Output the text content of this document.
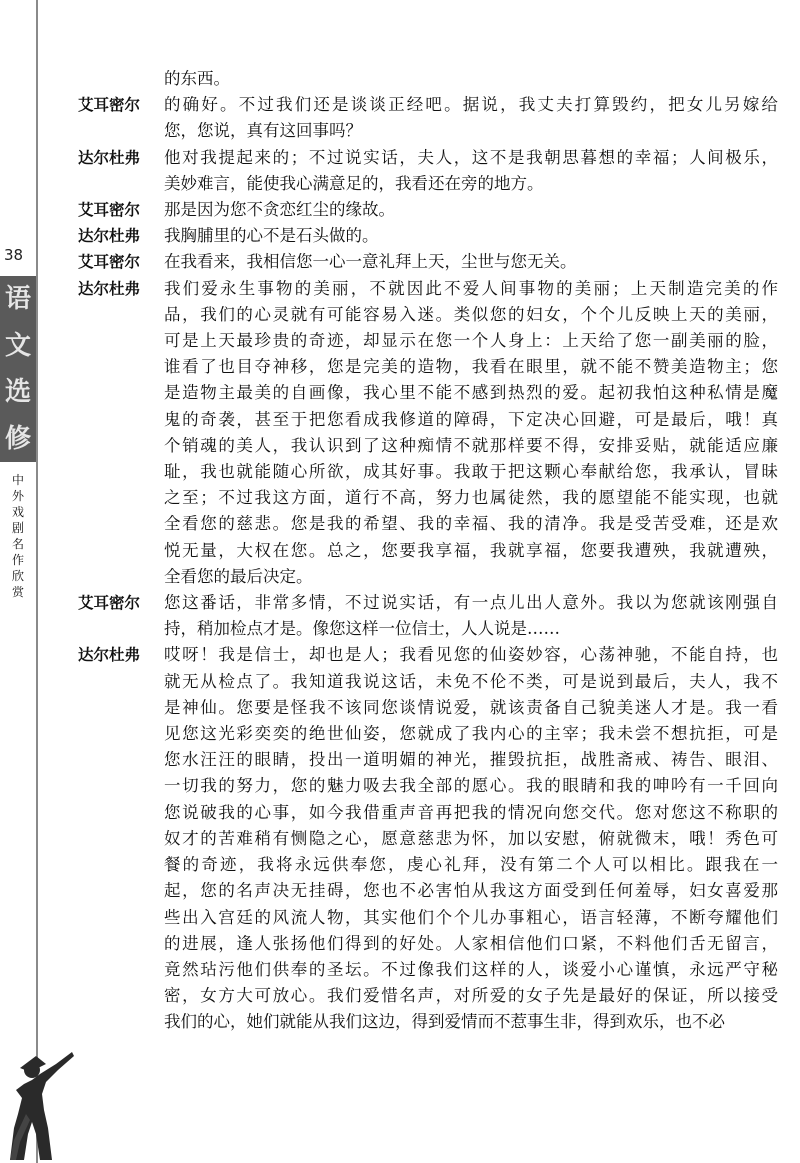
38
语
文
选
修
中
外
戏
剧
名
作
欣
赏
的东西。
艾耳密尔	的确好。不过我们还是谈谈正经吧。据说，我丈夫打算毁约，把女儿另嫁给
您，您说，真有这回事吗？
达尔杜弗	他对我提起来的；不过说实话，夫人，这不是我朝思暮想的幸福；人间极乐，
美妙难言，能使我心满意足的，我看还在旁的地方。
艾耳密尔	那是因为您不贪恋红尘的缘故。
达尔杜弗	我胸脯里的心不是石头做的。
艾耳密尔	在我看来，我相信您一心一意礼拜上天，尘世与您无关。
达尔杜弗	我们爱永生事物的美丽，不就因此不爱人间事物的美丽；上天制造完美的作
品，我们的心灵就有可能容易入迷。类似您的妇女，个个儿反映上天的美丽，
可是上天最珍贵的奇迹，却显示在您一个人身上：上天给了您一副美丽的脸，
谁看了也目夺神移，您是完美的造物，我看在眼里，就不能不赞美造物主；您
是造物主最美的自画像，我心里不能不感到热烈的爱。起初我怕这种私情是魔
鬼的奇袭，甚至于把您看成我修道的障碍，下定决心回避，可是最后，哦！真
个销魂的美人，我认识到了这种痴情不就那样要不得，安排妥贴，就能适应廉
耻，我也就能随心所欲，成其好事。我敢于把这颗心奉献给您，我承认，冒昧
之至；不过我这方面，道行不高，努力也属徒然，我的愿望能不能实现，也就
全看您的慈悲。您是我的希望、我的幸福、我的清净。我是受苦受难，还是欢
悦无量，大权在您。总之，您要我享福，我就享福，您要我遭殃，我就遭殃，
全看您的最后决定。
艾耳密尔	您这番话，非常多情，不过说实话，有一点儿出人意外。我以为您就该刚强自
持，稍加检点才是。像您这样一位信士，人人说是……
达尔杜弗	哎呀！我是信士，却也是人；我看见您的仙姿妙容，心荡神驰，不能自持，也
就无从检点了。我知道我说这话，未免不伦不类，可是说到最后，夫人，我不
是神仙。您要是怪我不该同您谈情说爱，就该责备自己貌美迷人才是。我一看
见您这光彩奕奕的绝世仙姿，您就成了我内心的主宰；我未尝不想抗拒，可是
您水汪汪的眼睛，投出一道明媚的神光，摧毁抗拒，战胜斋戒、祷告、眼泪、
一切我的努力，您的魅力吸去我全部的愿心。我的眼睛和我的呻吟有一千回向
您说破我的心事，如今我借重声音再把我的情况向您交代。您对您这不称职的
奴才的苦难稍有恻隐之心，愿意慈悲为怀，加以安慰，俯就微末，哦！秀色可
餐的奇迹，我将永远供奉您，虔心礼拜，没有第二个人可以相比。跟我在一
起，您的名声决无挂碍，您也不必害怕从我这方面受到任何羞辱，妇女喜爱那
些出入宫廷的风流人物，其实他们个个儿办事粗心，语言轻薄，不断夸耀他们
的进展，逢人张扬他们得到的好处。人家相信他们口紧，不料他们舌无留言，
竟然玷污他们供奉的圣坛。不过像我们这样的人，谈爱小心谨慎，永远严守秘
密，女方大可放心。我们爱惜名声，对所爱的女子先是最好的保证，所以接受
我们的心，她们就能从我们这边，得到爱情而不惹事生非，得到欢乐，也不必
